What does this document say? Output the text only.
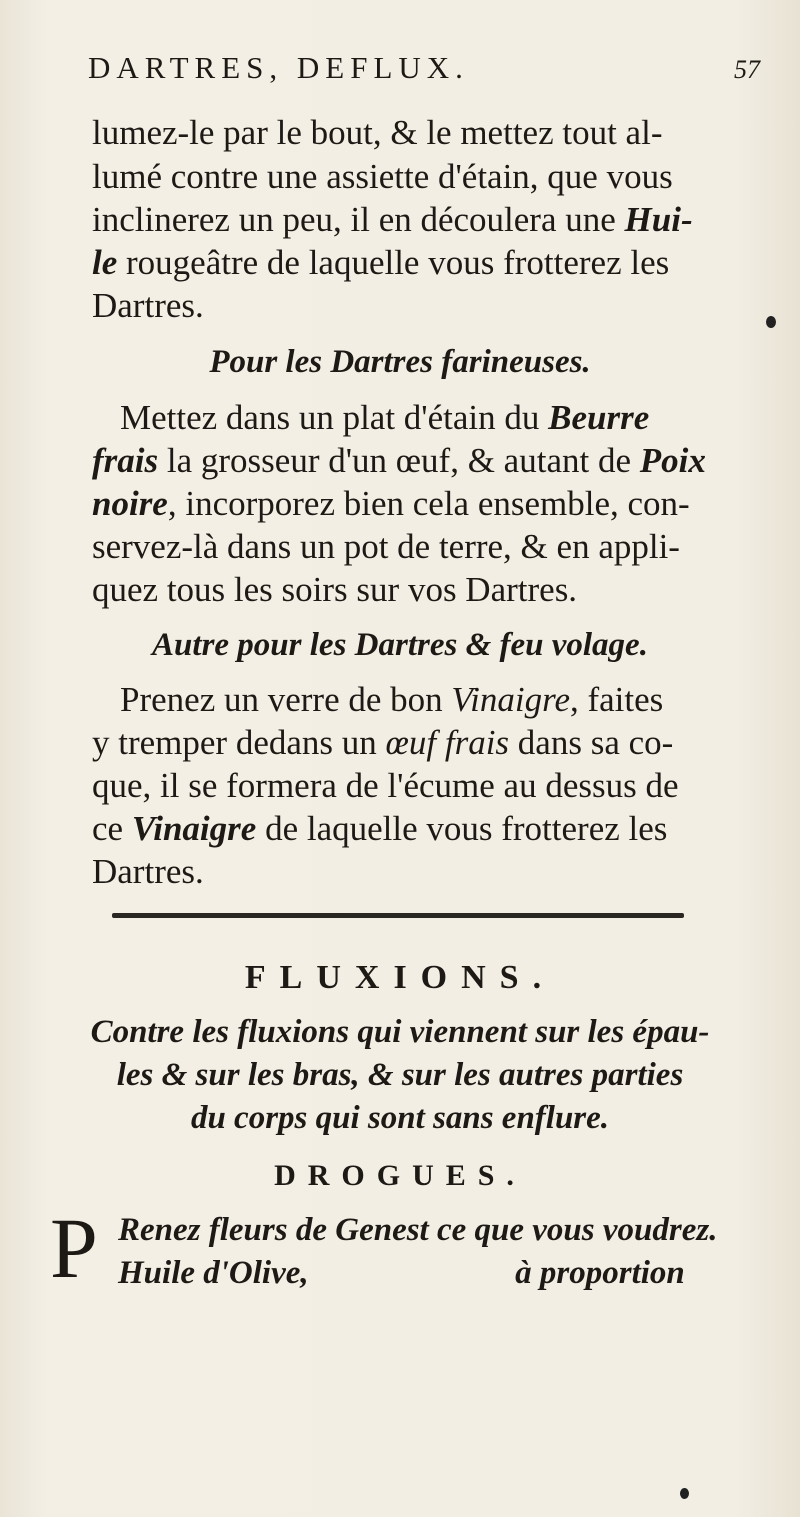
DARTRES, DEFLUX.	57
lumez-le par le bout, & le mettez tout al-
lumé contre une assiette d'étain, que vous
inclinerez un peu, il en découlera une Hui-
le rougeâtre de laquelle vous frotterez les
Dartres.
Pour les Dartres farineuses.
Mettez dans un plat d'étain du Beurre
frais la grosseur d'un œuf, & autant de Poix
noire, incorporez bien cela ensemble, con-
servez-là dans un pot de terre, & en appli-
quez tous les soirs sur vos Dartres.
Autre pour les Dartres & feu volage.
Prenez un verre de bon Vinaigre, faites
y tremper dedans un œuf frais dans sa co-
que, il se formera de l'écume au dessus de
ce Vinaigre de laquelle vous frotterez les
Dartres.
FLUXIONS.
Contre les fluxions qui viennent sur les épau-
les & sur les bras, & sur les autres parties
du corps qui sont sans enflure.
DROGUES.
P Renez fleurs de Genest ce que vous voudrez.
Huile d'Olive,	à proportion
